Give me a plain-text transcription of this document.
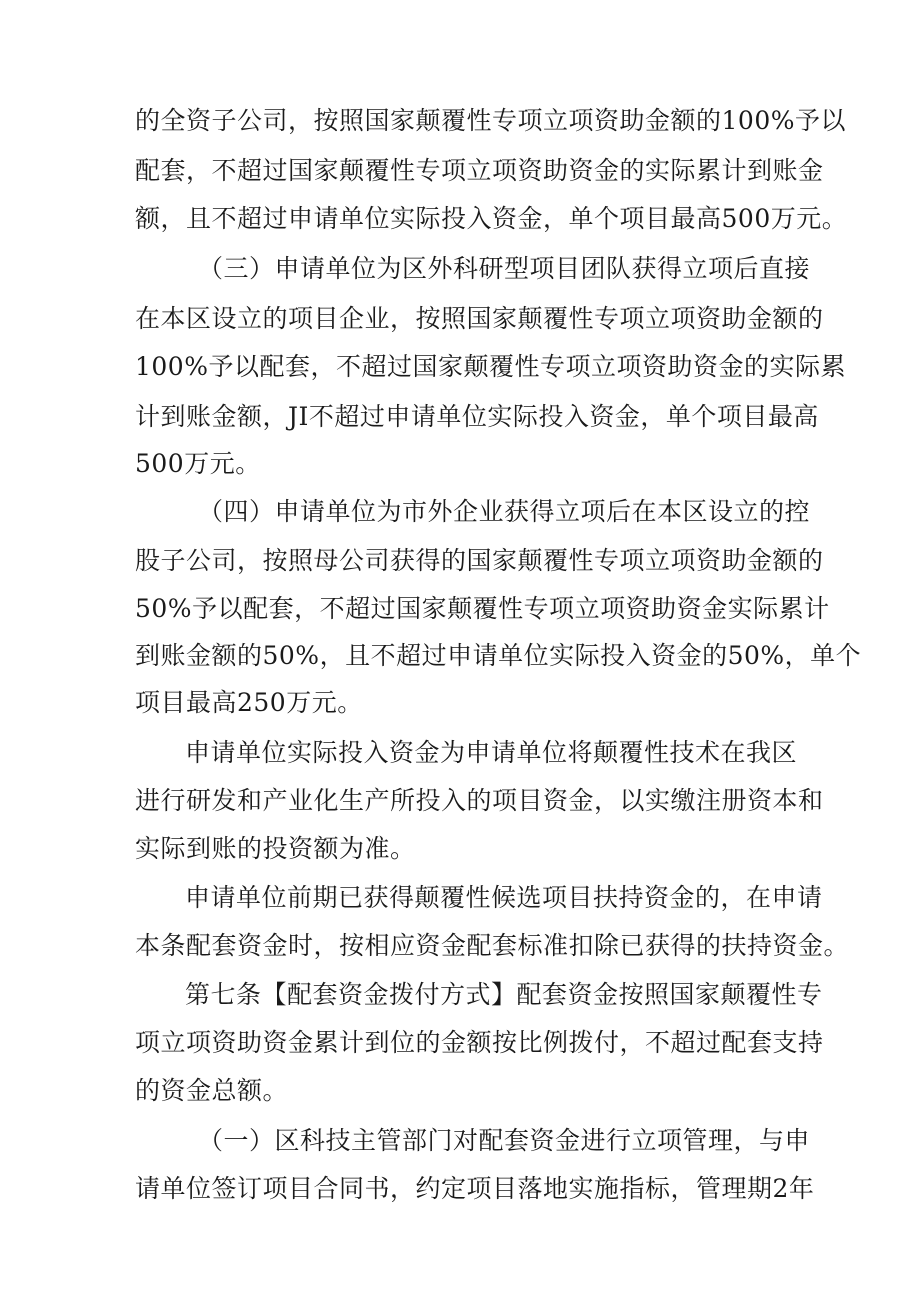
的全资子公司，按照国家颠覆性专项立项资助金额的100%予以
配套，不超过国家颠覆性专项立项资助资金的实际累计到账金
额，且不超过申请单位实际投入资金，单个项目最高500万元。
（三）申请单位为区外科研型项目团队获得立项后直接
在本区设立的项目企业，按照国家颠覆性专项立项资助金额的
100%予以配套，不超过国家颠覆性专项立项资助资金的实际累
计到账金额，JI不超过申请单位实际投入资金，单个项目最高
500万元。
（四）申请单位为市外企业获得立项后在本区设立的控
股子公司，按照母公司获得的国家颠覆性专项立项资助金额的
50%予以配套，不超过国家颠覆性专项立项资助资金实际累计
到账金额的50%，且不超过申请单位实际投入资金的50%，单个
项目最高250万元。
申请单位实际投入资金为申请单位将颠覆性技术在我区
进行研发和产业化生产所投入的项目资金，以实缴注册资本和
实际到账的投资额为准。
申请单位前期已获得颠覆性候选项目扶持资金的，在申请
本条配套资金时，按相应资金配套标准扣除已获得的扶持资金。
第七条【配套资金拨付方式】配套资金按照国家颠覆性专
项立项资助资金累计到位的金额按比例拨付，不超过配套支持
的资金总额。
（一）区科技主管部门对配套资金进行立项管理，与申
请单位签订项目合同书，约定项目落地实施指标，管理期2年
